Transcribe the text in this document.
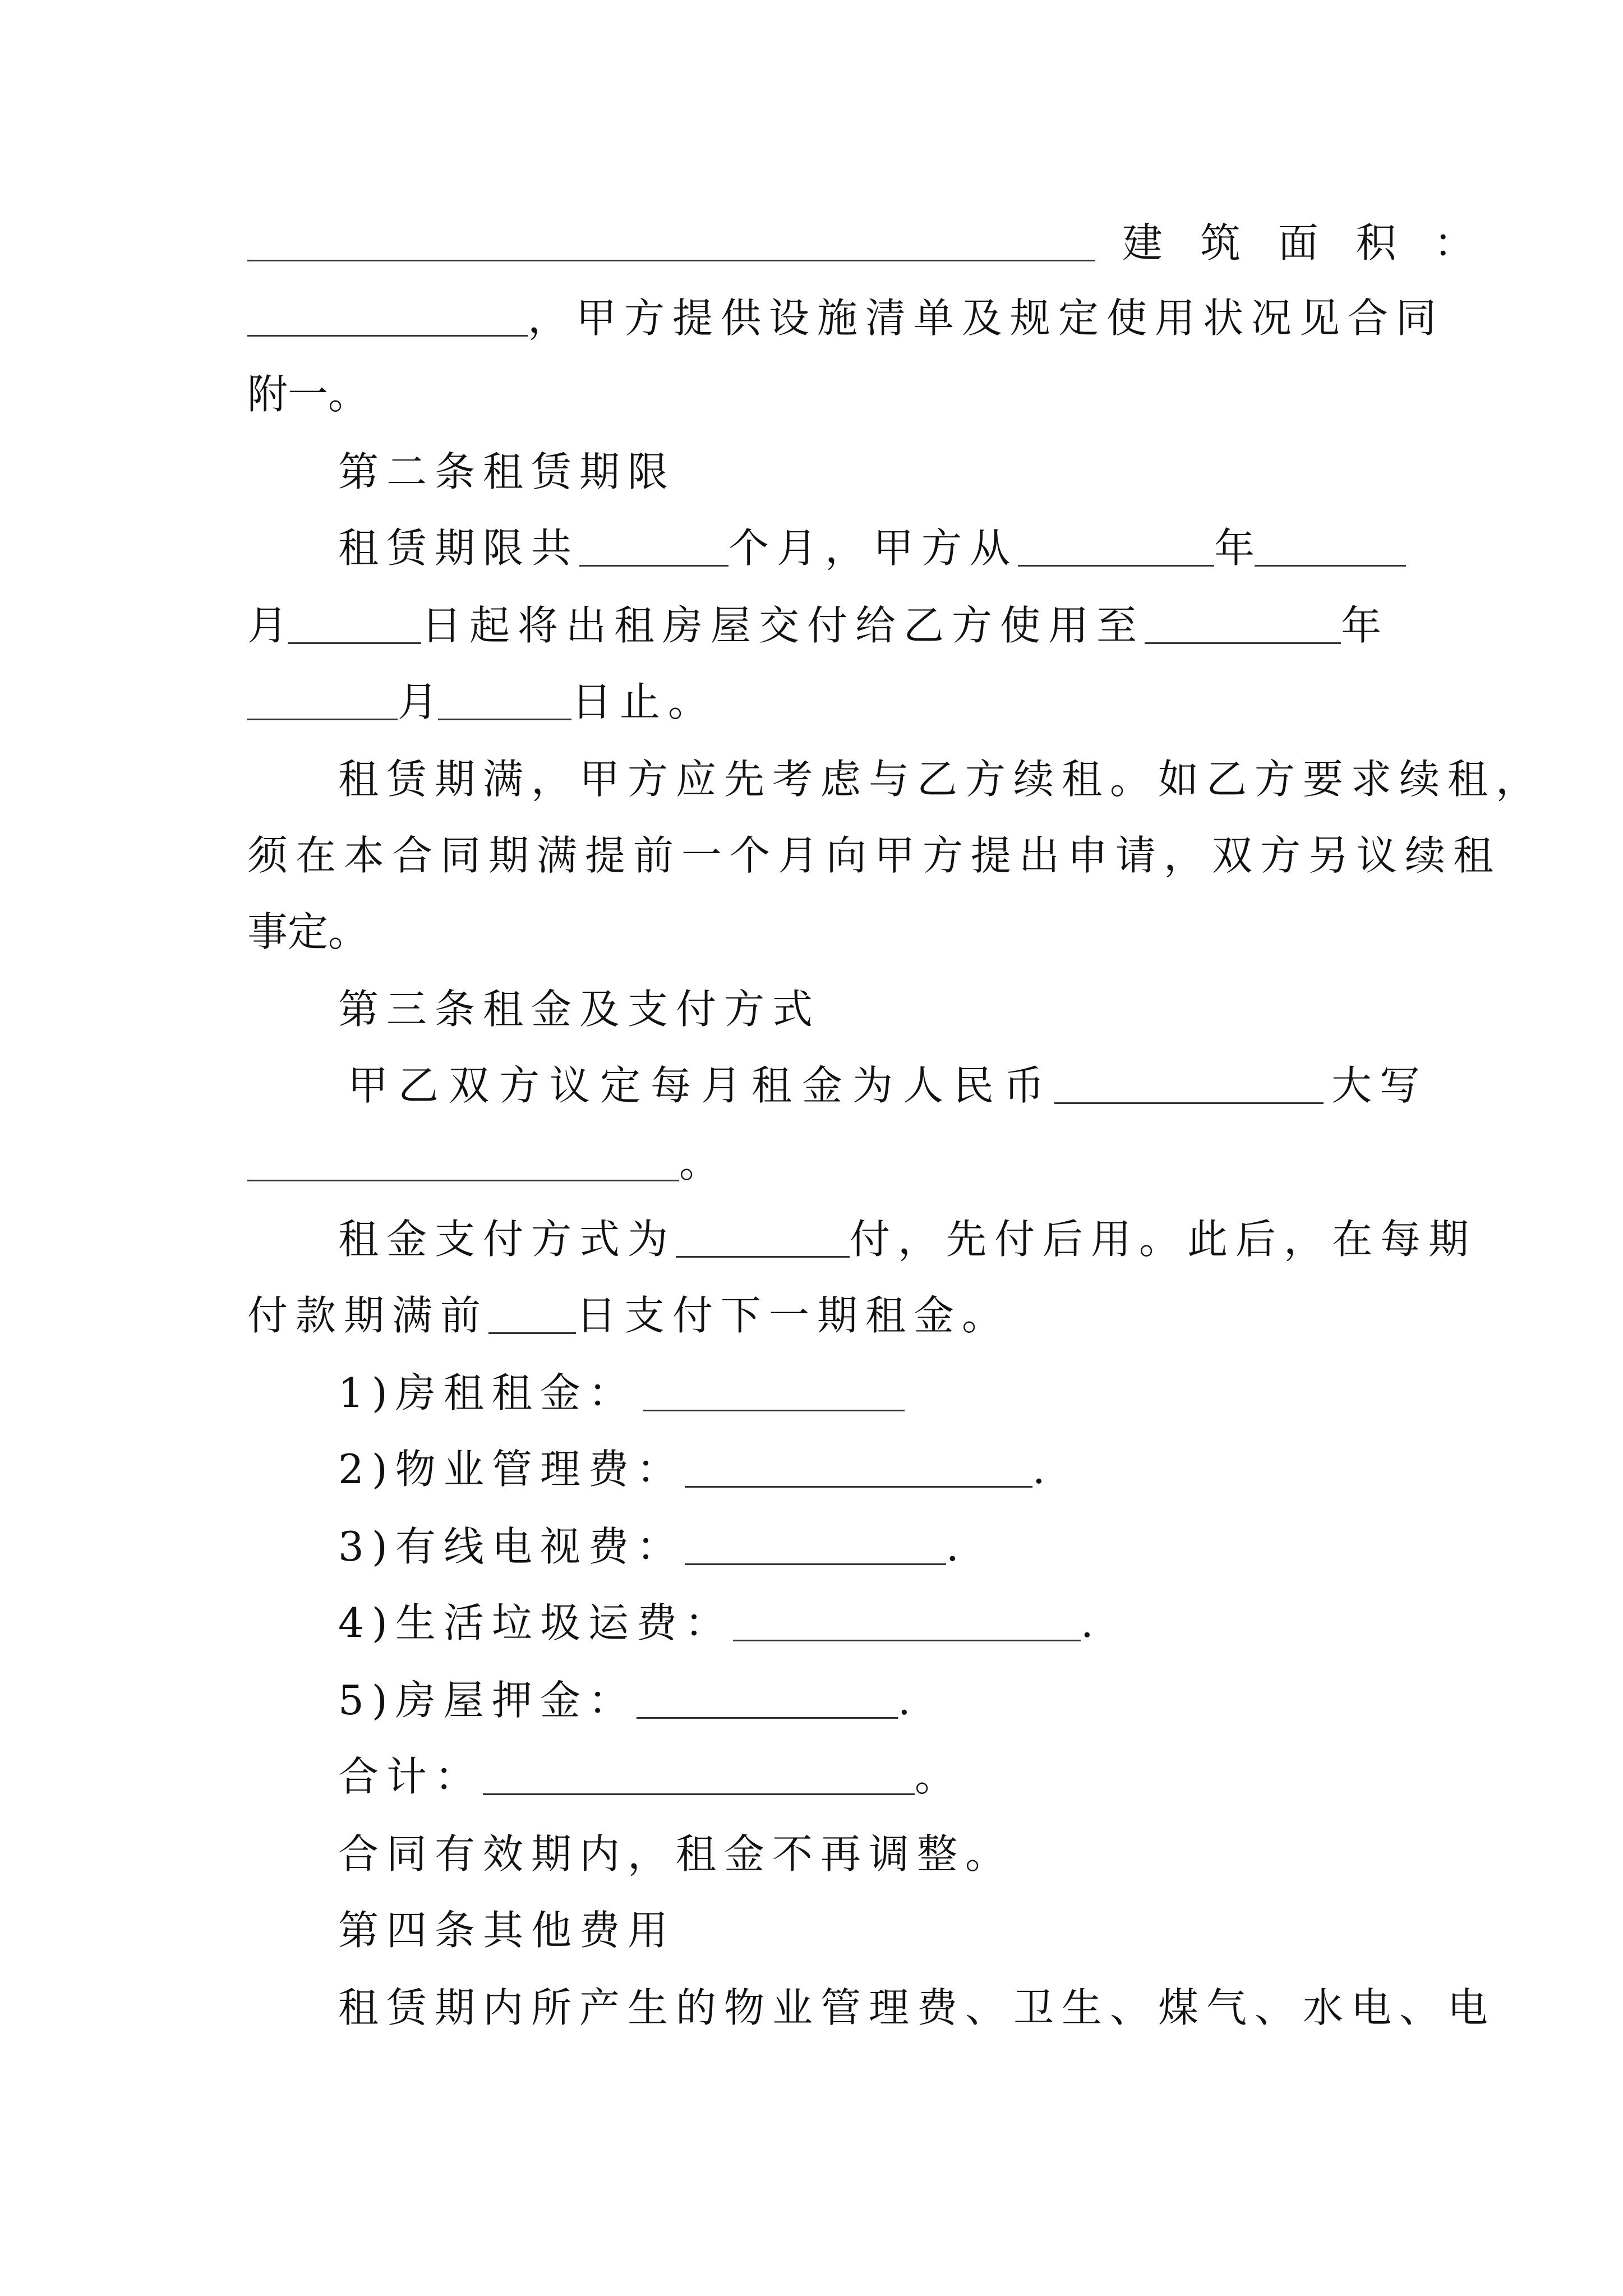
建 筑 面 积 ：
，甲方提供设施清单及规定使用状况见合同
附一。
第二条租赁期限
租赁期限共	个月，甲方从	年
月	日起将出租房屋交付给乙方使用至	年
月	日止。
租赁期满，甲方应先考虑与乙方续租。如乙方要求续租，
须在本合同期满提前一个月向甲方提出申请，双方另议续租
事定。
第三条租金及支付方式
甲乙双方议定每月租金为人民币	大写
。
租金支付方式为	付，先付后用。此后，在每期
付款期满前 日支付下一期租金。
1)房租租金：
2)物业管理费：	.
3)有线电视费：	.
4)生活垃圾运费：	.
5)房屋押金：	.
合计：	。
合同有效期内，租金不再调整。
第四条其他费用
租赁期内所产生的物业管理费、卫生、煤气、水电、电
